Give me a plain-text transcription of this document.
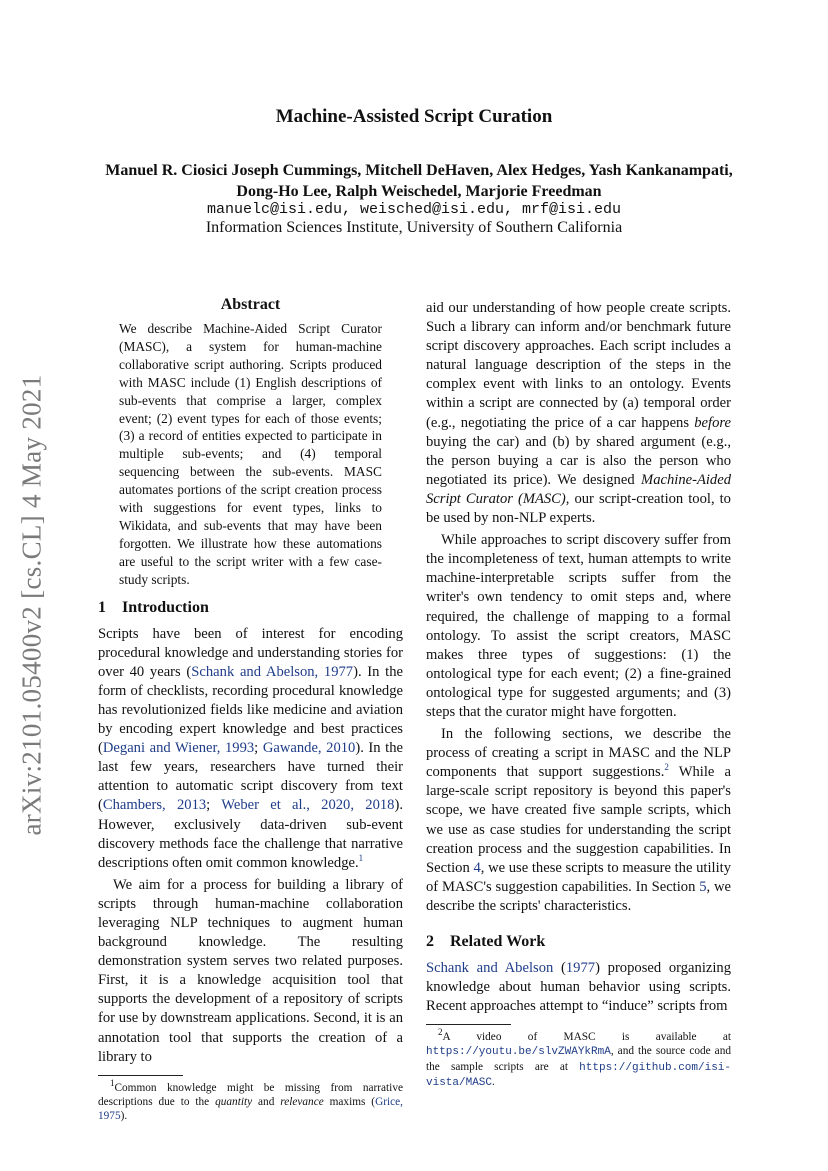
arXiv:2101.05400v2 [cs.CL] 4 May 2021
Machine-Assisted Script Curation
Manuel R. Ciosici Joseph Cummings, Mitchell DeHaven, Alex Hedges, Yash Kankanampati,
Dong-Ho Lee, Ralph Weischedel, Marjorie Freedman
manuelc@isi.edu, weisched@isi.edu, mrf@isi.edu
Information Sciences Institute, University of Southern California
Abstract

We describe Machine-Aided Script Curator (MASC), a system for human-machine collaborative script authoring. Scripts produced with MASC include (1) English descriptions of sub-events that comprise a larger, complex event; (2) event types for each of those events; (3) a record of entities expected to participate in multiple sub-events; and (4) temporal sequencing between the sub-events. MASC automates portions of the script creation process with suggestions for event types, links to Wikidata, and sub-events that may have been forgotten. We illustrate how these automations are useful to the script writer with a few case-study scripts.

1 Introduction

Scripts have been of interest for encoding procedural knowledge and understanding stories for over 40 years (Schank and Abelson, 1977). In the form of checklists, recording procedural knowledge has revolutionized fields like medicine and aviation by encoding expert knowledge and best practices (Degani and Wiener, 1993; Gawande, 2010). In the last few years, researchers have turned their attention to automatic script discovery from text (Chambers, 2013; Weber et al., 2020, 2018). However, exclusively data-driven sub-event discovery methods face the challenge that narrative descriptions often omit common knowledge.$^1$

We aim for a process for building a library of scripts through human-machine collaboration leveraging NLP techniques to augment human background knowledge. The resulting demonstration system serves two related purposes. First, it is a knowledge acquisition tool that supports the development of a repository of scripts for use by downstream applications. Second, it is an annotation tool that supports the creation of a library to

$^1$Common knowledge might be missing from narrative descriptions due to the quantity and relevance maxims (Grice, 1975).

aid our understanding of how people create scripts. Such a library can inform and/or benchmark future script discovery approaches. Each script includes a natural language description of the steps in the complex event with links to an ontology. Events within a script are connected by (a) temporal order (e.g., negotiating the price of a car happens before buying the car) and (b) by shared argument (e.g., the person buying a car is also the person who negotiated its price). We designed Machine-Aided Script Curator (MASC), our script-creation tool, to be used by non-NLP experts.

While approaches to script discovery suffer from the incompleteness of text, human attempts to write machine-interpretable scripts suffer from the writer's own tendency to omit steps and, where required, the challenge of mapping to a formal ontology. To assist the script creators, MASC makes three types of suggestions: (1) the ontological type for each event; (2) a fine-grained ontological type for suggested arguments; and (3) steps that the curator might have forgotten.

In the following sections, we describe the process of creating a script in MASC and the NLP components that support suggestions.$^2$ While a large-scale script repository is beyond this paper's scope, we have created five sample scripts, which we use as case studies for understanding the script creation process and the suggestion capabilities. In Section 4, we use these scripts to measure the utility of MASC's suggestion capabilities. In Section 5, we describe the scripts' characteristics.

2 Related Work

Schank and Abelson (1977) proposed organizing knowledge about human behavior using scripts. Recent approaches attempt to “induce” scripts from

$^2$A video of MASC is available at https://youtu.be/slvZWAYkRmA, and the source code and the sample scripts are at https://github.com/isi-vista/MASC.
